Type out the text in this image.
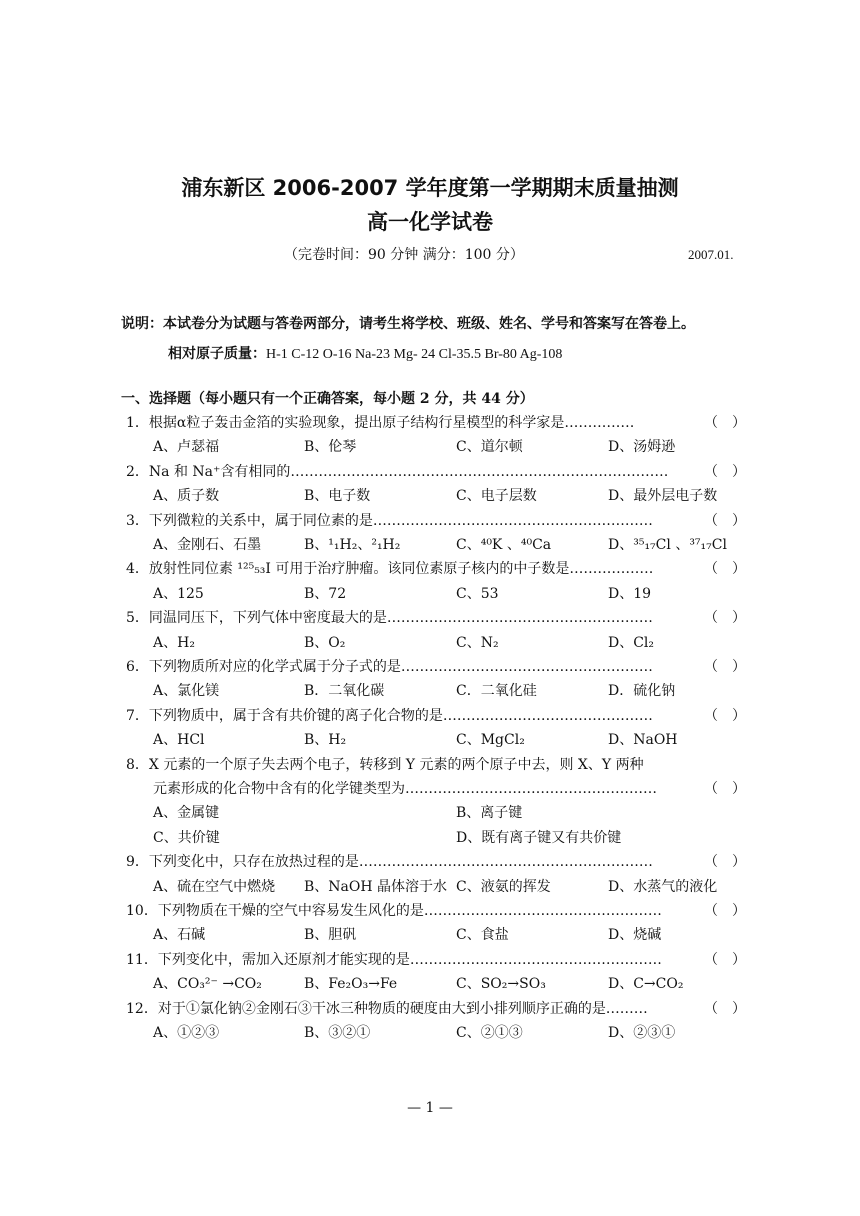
浦东新区 2006-2007 学年度第一学期期末质量抽测
高一化学试卷
（完卷时间：90 分钟 满分：100 分）	2007.01.
说明：本试卷分为试题与答卷两部分，请考生将学校、班级、姓名、学号和答案写在答卷上。
相对原子质量：H-1 C-12 O-16 Na-23 Mg- 24 Cl-35.5 Br-80 Ag-108
一、选择题（每小题只有一个正确答案，每小题 2 分，共 44 分）
1．根据α粒子轰击金箔的实验现象，提出原子结构行星模型的科学家是……………	（ ）
A、卢瑟福	B、伦琴	C、道尔顿	D、汤姆逊
2．Na 和 Na⁺含有相同的………………………………………………………………………	（ ）
A、质子数	B、电子数	C、电子层数	D、最外层电子数
3．下列微粒的关系中，属于同位素的是……………………………………………………	（ ）
A、金刚石、石墨	B、¹₁H₂、²₁H₂	C、⁴⁰K 、⁴⁰Ca	D、³⁵₁₇Cl 、³⁷₁₇Cl
4．放射性同位素 ¹²⁵₅₃I 可用于治疗肿瘤。该同位素原子核内的中子数是………………	（ ）
A、125	B、72	C、53	D、19
5．同温同压下，下列气体中密度最大的是…………………………………………………	（ ）
A、H₂	B、O₂	C、N₂	D、Cl₂
6．下列物质所对应的化学式属于分子式的是………………………………………………	（ ）
A、氯化镁	B．二氧化碳	C．二氧化硅	D．硫化钠
7．下列物质中，属于含有共价键的离子化合物的是………………………………………	（ ）
A、HCl	B、H₂	C、MgCl₂	D、NaOH
8．X 元素的一个原子失去两个电子，转移到 Y 元素的两个原子中去，则 X、Y 两种
元素形成的化合物中含有的化学键类型为………………………………………………	（ ）
A、金属键	B、离子键
C、共价键	D、既有离子键又有共价键
9．下列变化中，只存在放热过程的是………………………………………………………	（ ）
A、硫在空气中燃烧 B、NaOH 晶体溶于水 C、液氨的挥发	D、水蒸气的液化
10．下列物质在干燥的空气中容易发生风化的是……………………………………………	（ ）
A、石碱	B、胆矾	C、食盐	D、烧碱
11．下列变化中，需加入还原剂才能实现的是………………………………………………	（ ）
A、CO₃²⁻ →CO₂	B、Fe₂O₃→Fe	C、SO₂→SO₃	D、C→CO₂
12．对于①氯化钠②金刚石③干冰三种物质的硬度由大到小排列顺序正确的是………	（ ）
A、①②③	B、③②①	C、②①③	D、②③①
— 1 —
